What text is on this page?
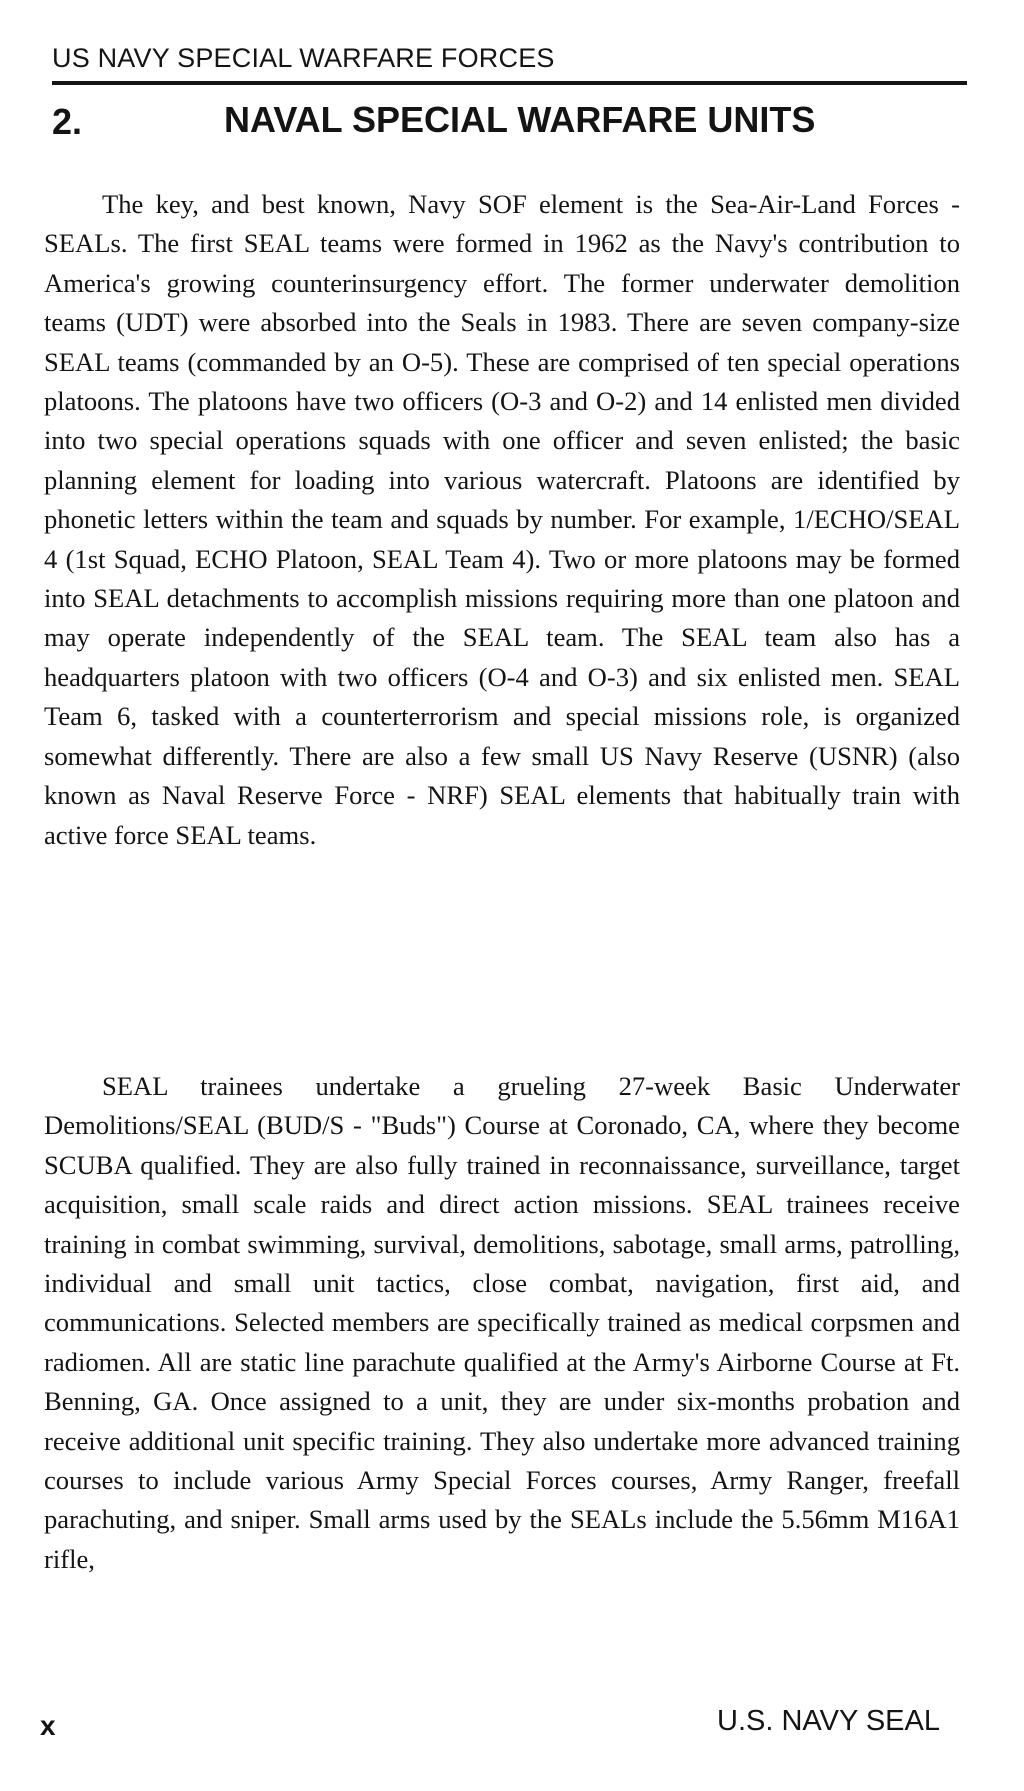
US NAVY SPECIAL WARFARE FORCES
2.	NAVAL SPECIAL WARFARE UNITS

The key, and best known, Navy SOF element is the Sea-Air-Land Forces - SEALs. The first SEAL teams were formed in 1962 as the Navy's contribution to America's growing counterinsurgency effort. The former underwater demolition teams (UDT) were absorbed into the Seals in 1983. There are seven company-size SEAL teams (commanded by an O-5). These are comprised of ten special operations platoons. The platoons have two officers (O-3 and O-2) and 14 enlisted men divided into two special operations squads with one officer and seven enlisted; the basic planning element for loading into various watercraft. Platoons are identified by phonetic letters within the team and squads by number. For example, 1/ECHO/SEAL 4 (1st Squad, ECHO Platoon, SEAL Team 4). Two or more platoons may be formed into SEAL detachments to accomplish missions requiring more than one platoon and may operate independently of the SEAL team. The SEAL team also has a headquarters platoon with two officers (O-4 and O-3) and six enlisted men. SEAL Team 6, tasked with a counterterrorism and special missions role, is organized somewhat differently. There are also a few small US Navy Reserve (USNR) (also known as Naval Reserve Force - NRF) SEAL elements that habitually train with active force SEAL teams.

SEAL trainees undertake a grueling 27-week Basic Underwater Demolitions/SEAL (BUD/S - "Buds") Course at Coronado, CA, where they become SCUBA qualified. They are also fully trained in reconnaissance, surveillance, target acquisition, small scale raids and direct action missions. SEAL trainees receive training in combat swimming, survival, demolitions, sabotage, small arms, patrolling, individual and small unit tactics, close combat, navigation, first aid, and communications. Selected members are specifically trained as medical corpsmen and radiomen. All are static line parachute qualified at the Army's Airborne Course at Ft. Benning, GA. Once assigned to a unit, they are under six-months probation and receive additional unit specific training. They also undertake more advanced training courses to include various Army Special Forces courses, Army Ranger, freefall parachuting, and sniper. Small arms used by the SEALs include the 5.56mm M16A1 rifle,

x	U.S. NAVY SEAL
